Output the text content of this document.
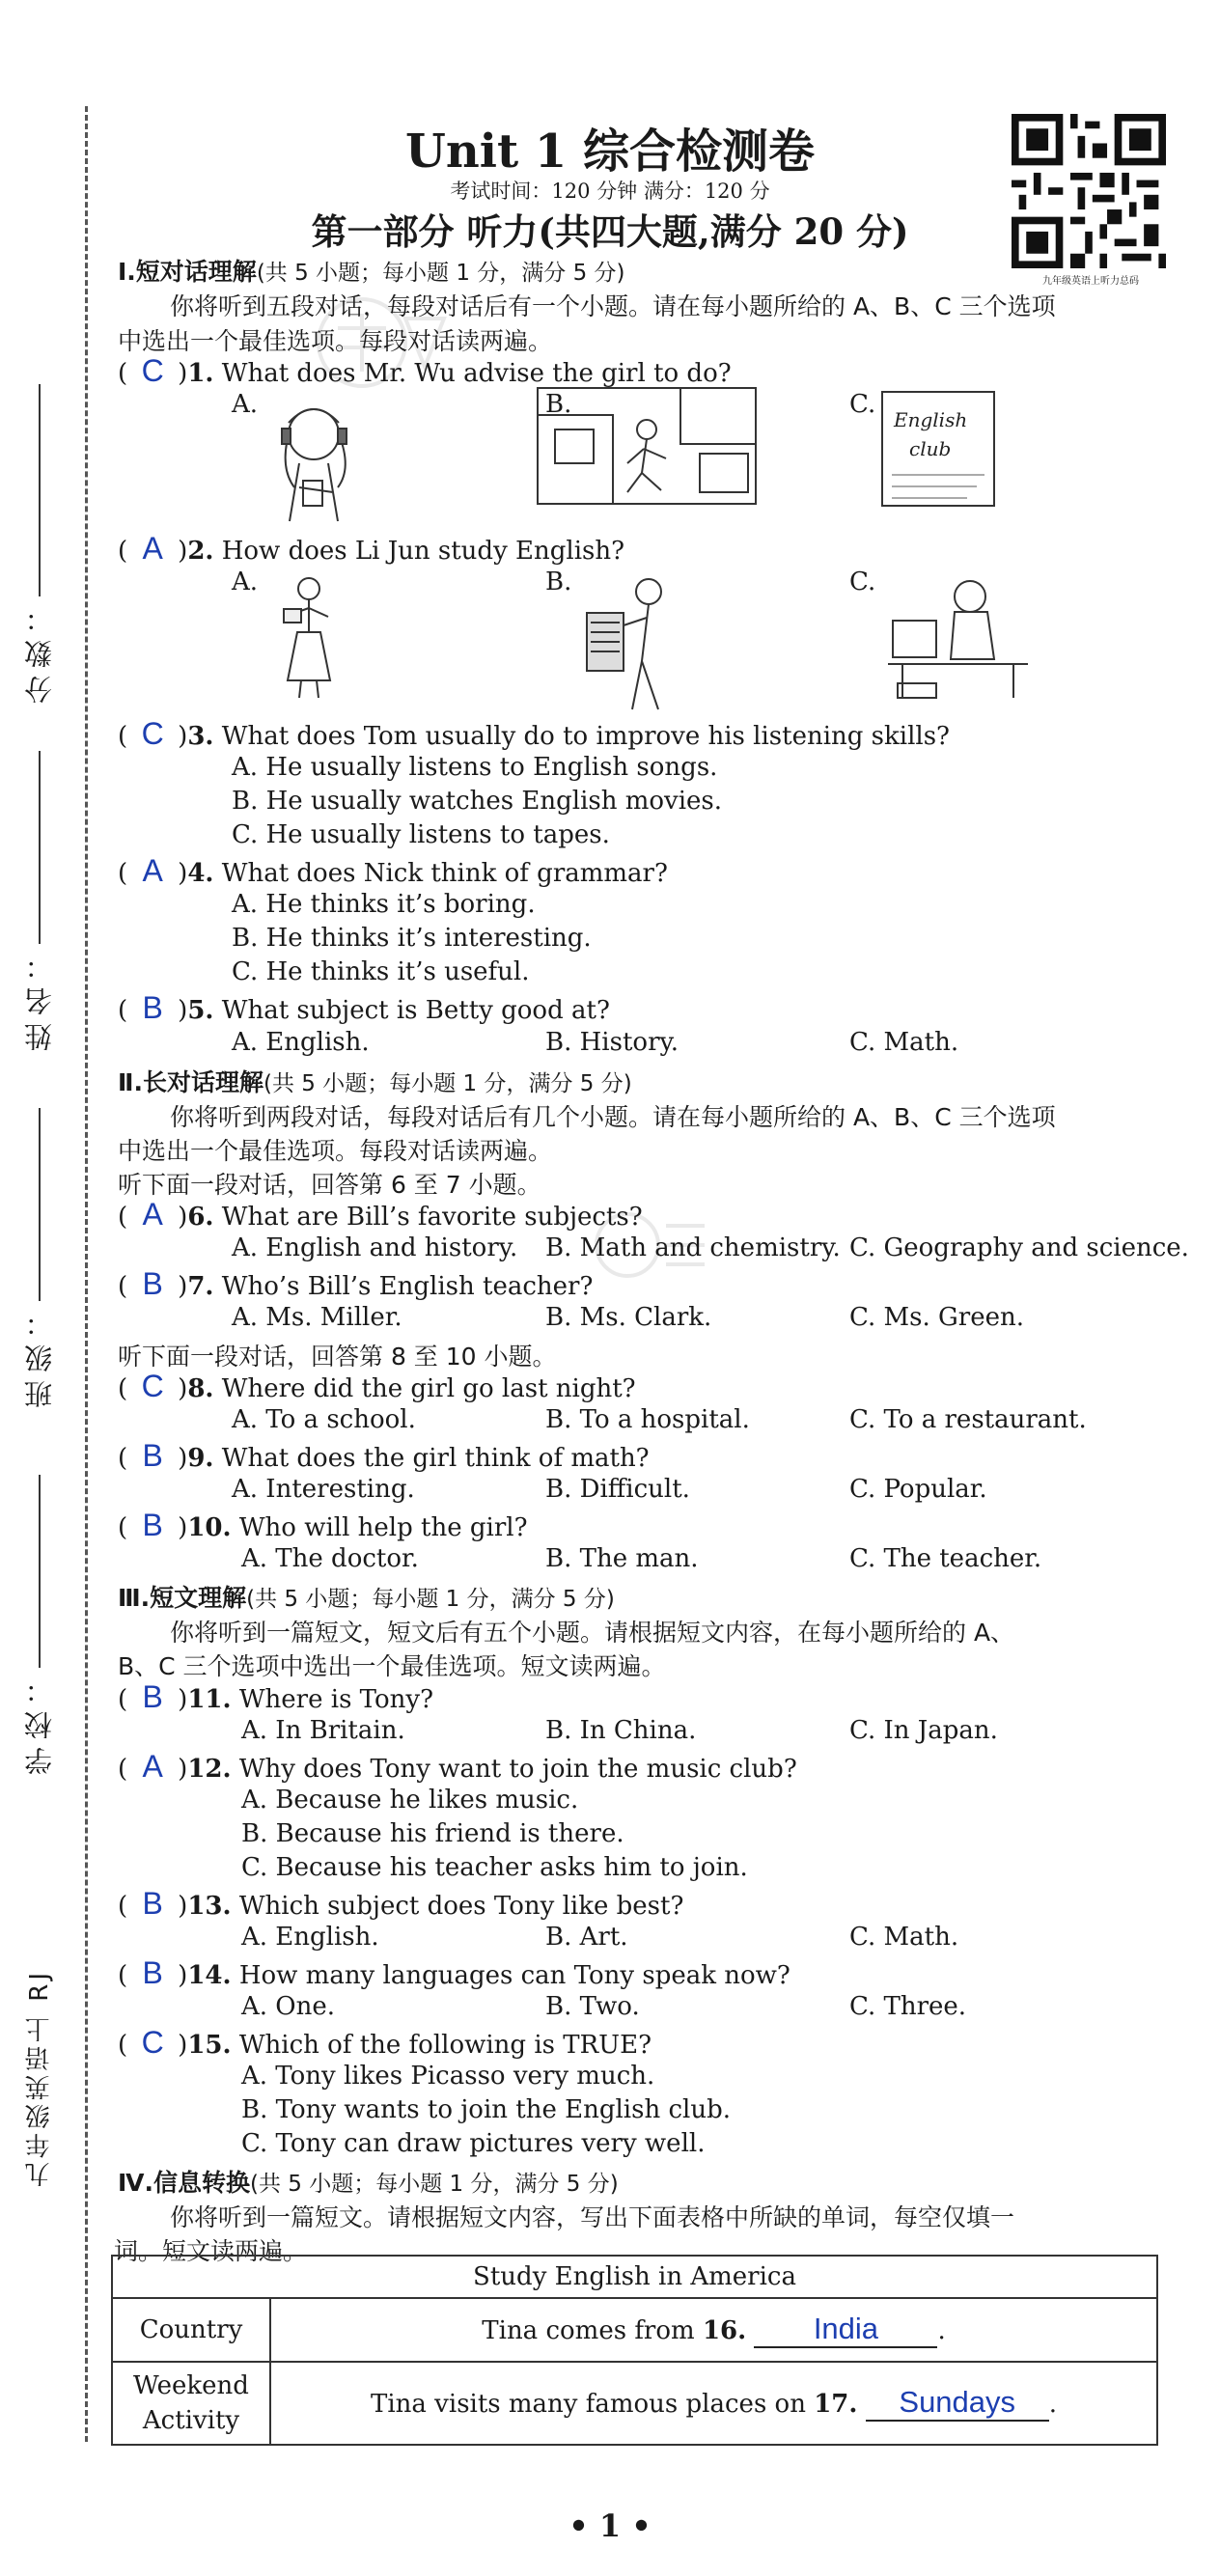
分数：
姓名：
班级：
学校：
九年级英语上 RJ
Unit 1 综合检测卷
考试时间：120 分钟 满分：120 分
第一部分 听力(共四大题,满分 20 分)
九年级英语上听力总码
Ⅰ.短对话理解(共 5 小题；每小题 1 分，满分 5 分)
你将听到五段对话，每段对话后有一个小题。请在每小题所给的 A、B、C 三个选项
中选出一个最佳选项。每段对话读两遍。
( C )1. What does Mr. Wu advise the girl to do?
A.	B.	C.
English
club
( A )2. How does Li Jun study English?
A.	B.	C.
( C )3. What does Tom usually do to improve his listening skills?
A. He usually listens to English songs.
B. He usually watches English movies.
C. He usually listens to tapes.
( A )4. What does Nick think of grammar?
A. He thinks it’s boring.
B. He thinks it’s interesting.
C. He thinks it’s useful.
( B )5. What subject is Betty good at?
A. English.	B. History.	C. Math.
Ⅱ.长对话理解(共 5 小题；每小题 1 分，满分 5 分)
你将听到两段对话，每段对话后有几个小题。请在每小题所给的 A、B、C 三个选项
中选出一个最佳选项。每段对话读两遍。
听下面一段对话，回答第 6 至 7 小题。
( A )6. What are Bill’s favorite subjects?
A. English and history. B. Math and chemistry. C. Geography and science.
( B )7. Who’s Bill’s English teacher?
A. Ms. Miller.	B. Ms. Clark.	C. Ms. Green.
听下面一段对话，回答第 8 至 10 小题。
( C )8. Where did the girl go last night?
A. To a school.	B. To a hospital.	C. To a restaurant.
( B )9. What does the girl think of math?
A. Interesting.	B. Difficult.	C. Popular.
( B )10. Who will help the girl?
A. The doctor.	B. The man.	C. The teacher.
Ⅲ.短文理解(共 5 小题；每小题 1 分，满分 5 分)
你将听到一篇短文，短文后有五个小题。请根据短文内容，在每小题所给的 A、
B、C 三个选项中选出一个最佳选项。短文读两遍。
( B )11. Where is Tony?
A. In Britain.	B. In China.	C. In Japan.
( A )12. Why does Tony want to join the music club?
A. Because he likes music.
B. Because his friend is there.
C. Because his teacher asks him to join.
( B )13. Which subject does Tony like best?
A. English.	B. Art.	C. Math.
( B )14. How many languages can Tony speak now?
A. One.	B. Two.	C. Three.
( C )15. Which of the following is TRUE?
A. Tony likes Picasso very much.
B. Tony wants to join the English club.
C. Tony can draw pictures very well.
Ⅳ.信息转换(共 5 小题；每小题 1 分，满分 5 分)
你将听到一篇短文。请根据短文内容，写出下面表格中所缺的单词，每空仅填一
词。短文读两遍。
Study English in America	
Country	Tina comes from 16. India .
Weekend
Activity	Tina visits many famous places on 17. Sundays .
• 1 •
